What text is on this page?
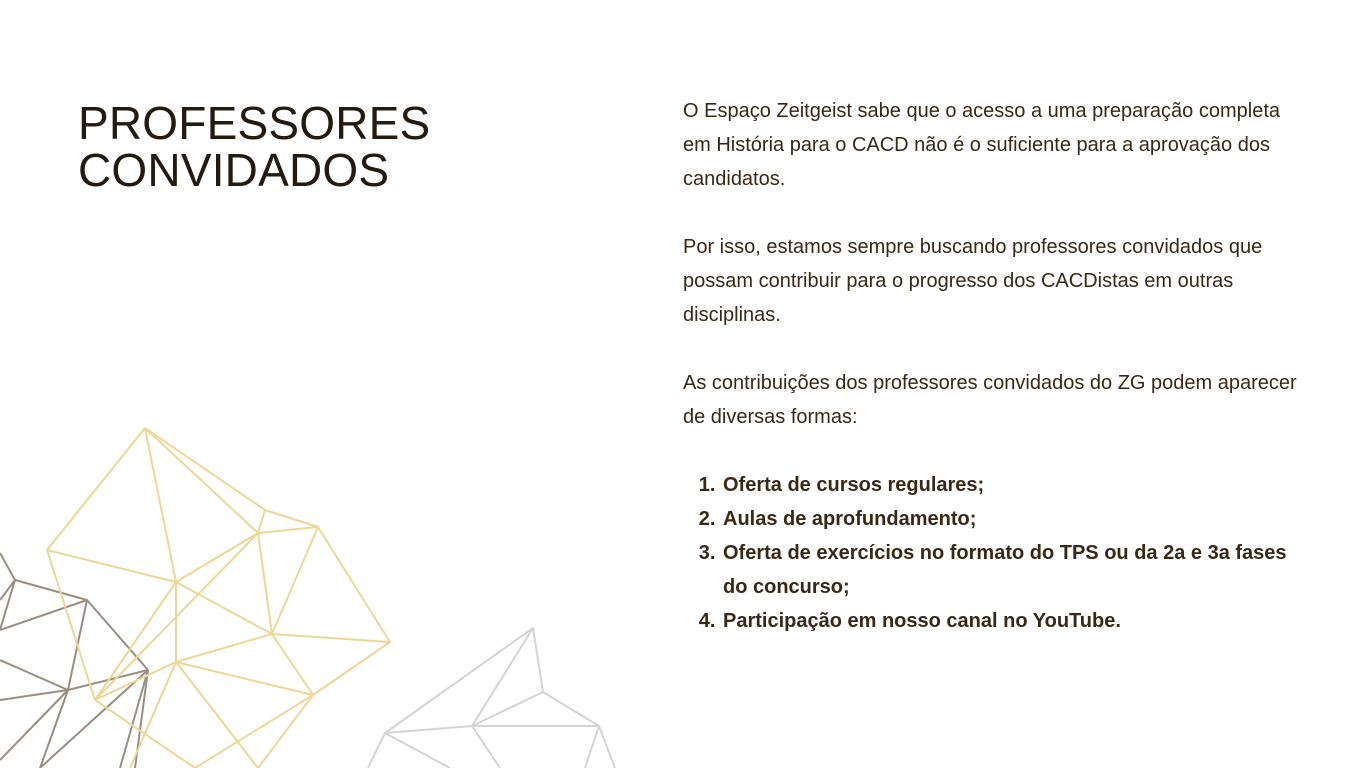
PROFESSORES
CONVIDADOS

O Espaço Zeitgeist sabe que o acesso a uma preparação completa em História para o CACD não é o suficiente para a aprovação dos candidatos.

Por isso, estamos sempre buscando professores convidados que possam contribuir para o progresso dos CACDistas em outras disciplinas.

As contribuições dos professores convidados do ZG podem aparecer de diversas formas:

1. Oferta de cursos regulares;
2. Aulas de aprofundamento;
3. Oferta de exercícios no formato do TPS ou da 2a e 3a fases do concurso;
4. Participação em nosso canal no YouTube.
